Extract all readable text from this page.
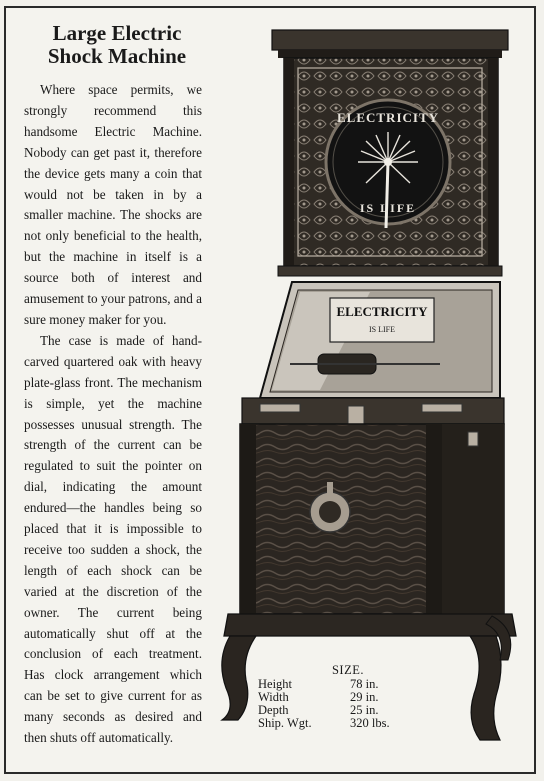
Large Electric
Shock Machine

Where space permits, we strongly recommend this handsome Electric Machine. Nobody can get past it, therefore the device gets many a coin that would not be taken in by a smaller machine. The shocks are not only beneficial to the health, but the machine in itself is a source both of interest and amusement to your patrons, and a sure money maker for you.

The case is made of hand-carved quartered oak with heavy plate-glass front. The mechanism is simple, yet the machine possesses unusual strength. The strength of the current can be regulated to suit the pointer on dial, indicating the amount endured—the handles being so placed that it is impossible to receive too sudden a shock, the length of each shock can be varied at the discretion of the owner. The current being automatically shut off at the conclusion of each treatment. Has clock arrangement which can be set to give current for as many seconds as desired and then shuts off automatically.

ELECTRICITY
IS LIFE
ELECTRICITY
IS LIFE
SIZE.
Height	78 in.
Width	29 in.
Depth	25 in.
Ship. Wgt.	320 lbs.
